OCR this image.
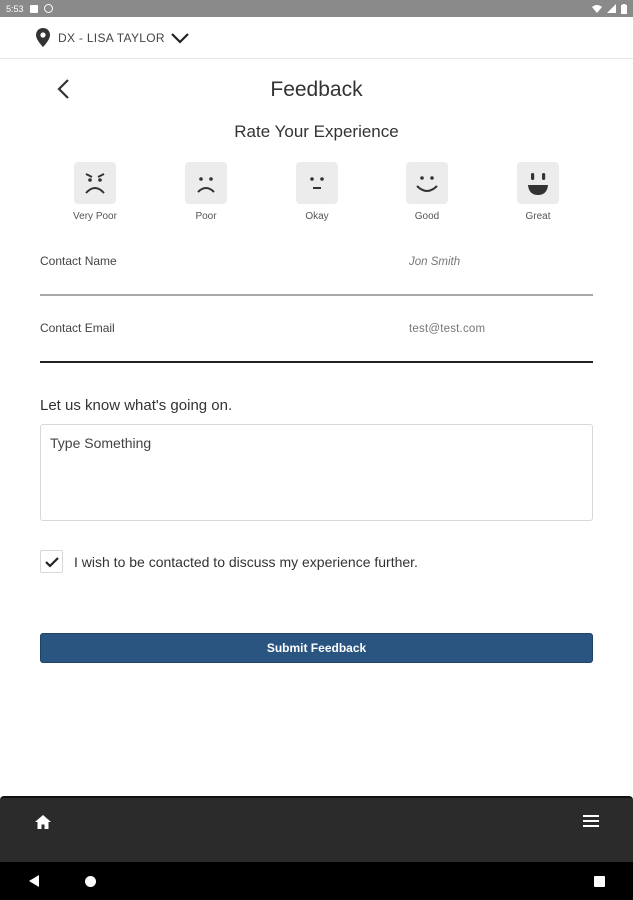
5:53
DX - LISA TAYLOR
Feedback
Rate Your Experience
Very Poor	Poor	Okay	Good	Great
Contact Name	Jon Smith
Contact Email	test@test.com
Let us know what's going on.
Type Something
I wish to be contacted to discuss my experience further.
Submit Feedback
